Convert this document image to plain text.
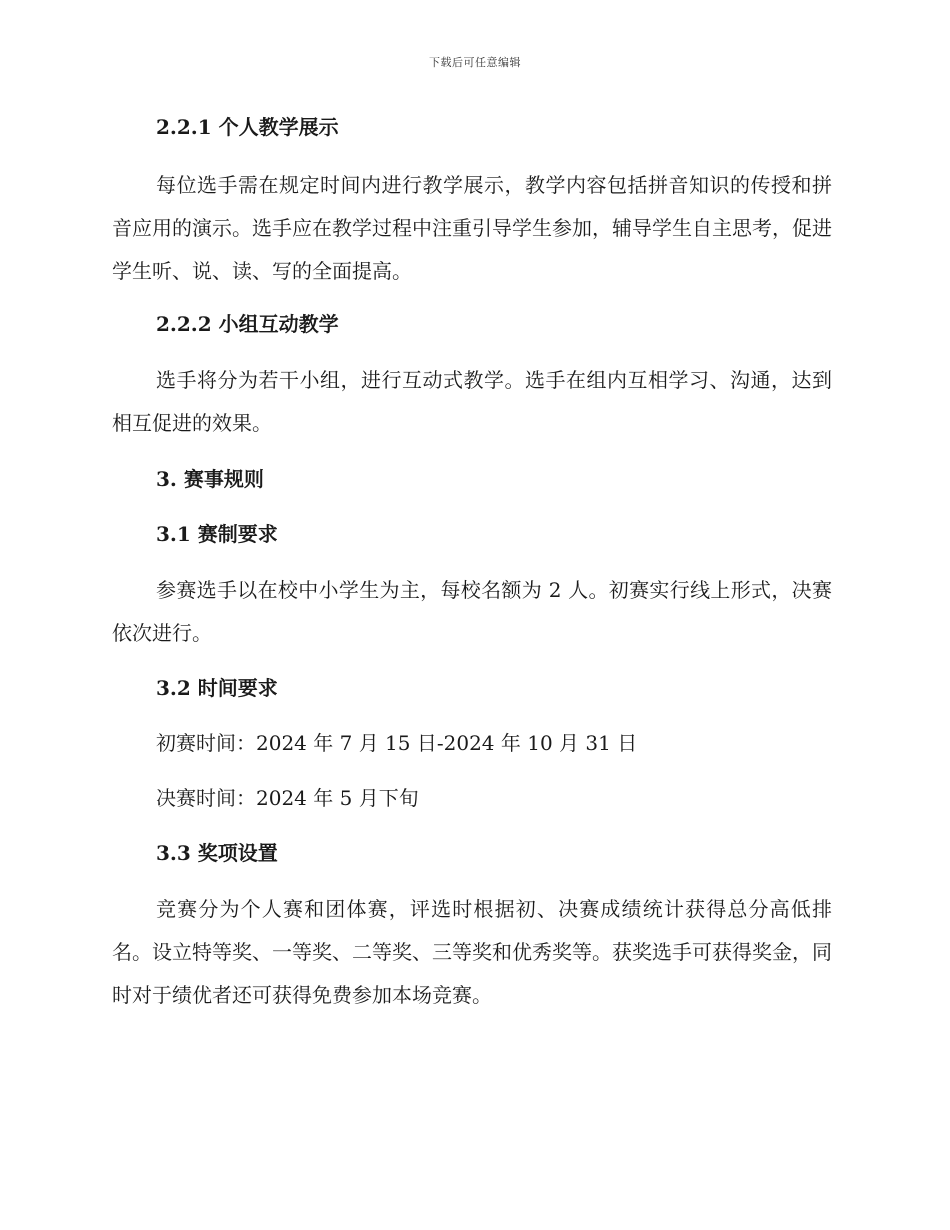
下载后可任意编辑

2.2.1 个人教学展示

每位选手需在规定时间内进行教学展示，教学内容包括拼音知识的传授和拼音应用的演示。选手应在教学过程中注重引导学生参加，辅导学生自主思考，促进学生听、说、读、写的全面提高。

2.2.2 小组互动教学

选手将分为若干小组，进行互动式教学。选手在组内互相学习、沟通，达到相互促进的效果。

3. 赛事规则

3.1 赛制要求

参赛选手以在校中小学生为主，每校名额为 2 人。初赛实行线上形式，决赛依次进行。

3.2 时间要求

初赛时间：2024 年 7 月 15 日-2024 年 10 月 31 日

决赛时间：2024 年 5 月下旬

3.3 奖项设置

竞赛分为个人赛和团体赛，评选时根据初、决赛成绩统计获得总分高低排名。设立特等奖、一等奖、二等奖、三等奖和优秀奖等。获奖选手可获得奖金，同时对于绩优者还可获得免费参加本场竞赛。
